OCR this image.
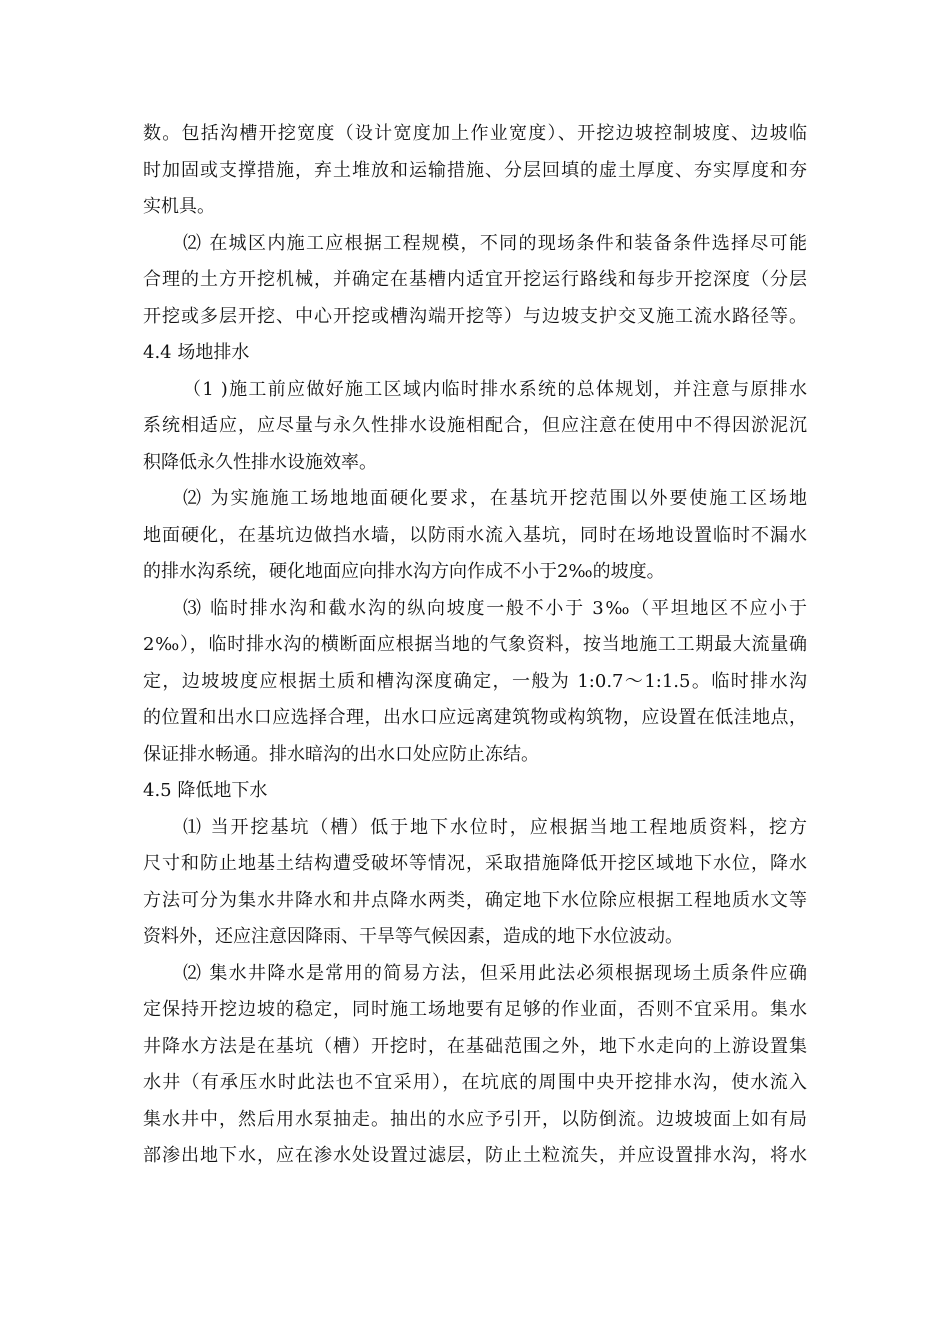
数。包括沟槽开挖宽度（设计宽度加上作业宽度）、开挖边坡控制坡度、边坡临
时加固或支撑措施，弃土堆放和运输措施、分层回填的虚土厚度、夯实厚度和夯
实机具。
⑵ 在城区内施工应根据工程规模，不同的现场条件和装备条件选择尽可能
合理的土方开挖机械，并确定在基槽内适宜开挖运行路线和每步开挖深度（分层
开挖或多层开挖、中心开挖或槽沟端开挖等）与边坡支护交叉施工流水路径等。
4.4 场地排水
（1 )施工前应做好施工区域内临时排水系统的总体规划，并注意与原排水
系统相适应，应尽量与永久性排水设施相配合，但应注意在使用中不得因淤泥沉
积降低永久性排水设施效率。
⑵ 为实施施工场地地面硬化要求，在基坑开挖范围以外要使施工区场地
地面硬化，在基坑边做挡水墙，以防雨水流入基坑，同时在场地设置临时不漏水
的排水沟系统，硬化地面应向排水沟方向作成不小于2‰的坡度。
⑶ 临时排水沟和截水沟的纵向坡度一般不小于 3‰（平坦地区不应小于
2‰），临时排水沟的横断面应根据当地的气象资料，按当地施工工期最大流量确
定，边坡坡度应根据土质和槽沟深度确定，一般为 1:0.7～1:1.5。临时排水沟
的位置和出水口应选择合理，出水口应远离建筑物或构筑物，应设置在低洼地点，
保证排水畅通。排水暗沟的出水口处应防止冻结。
4.5 降低地下水
⑴ 当开挖基坑（槽）低于地下水位时，应根据当地工程地质资料，挖方
尺寸和防止地基土结构遭受破坏等情况，采取措施降低开挖区域地下水位，降水
方法可分为集水井降水和井点降水两类，确定地下水位除应根据工程地质水文等
资料外，还应注意因降雨、干旱等气候因素，造成的地下水位波动。
⑵ 集水井降水是常用的简易方法，但采用此法必须根据现场土质条件应确
定保持开挖边坡的稳定，同时施工场地要有足够的作业面，否则不宜采用。集水
井降水方法是在基坑（槽）开挖时，在基础范围之外，地下水走向的上游设置集
水井（有承压水时此法也不宜采用），在坑底的周围中央开挖排水沟，使水流入
集水井中，然后用水泵抽走。抽出的水应予引开，以防倒流。边坡坡面上如有局
部渗出地下水，应在渗水处设置过滤层，防止土粒流失，并应设置排水沟，将水
